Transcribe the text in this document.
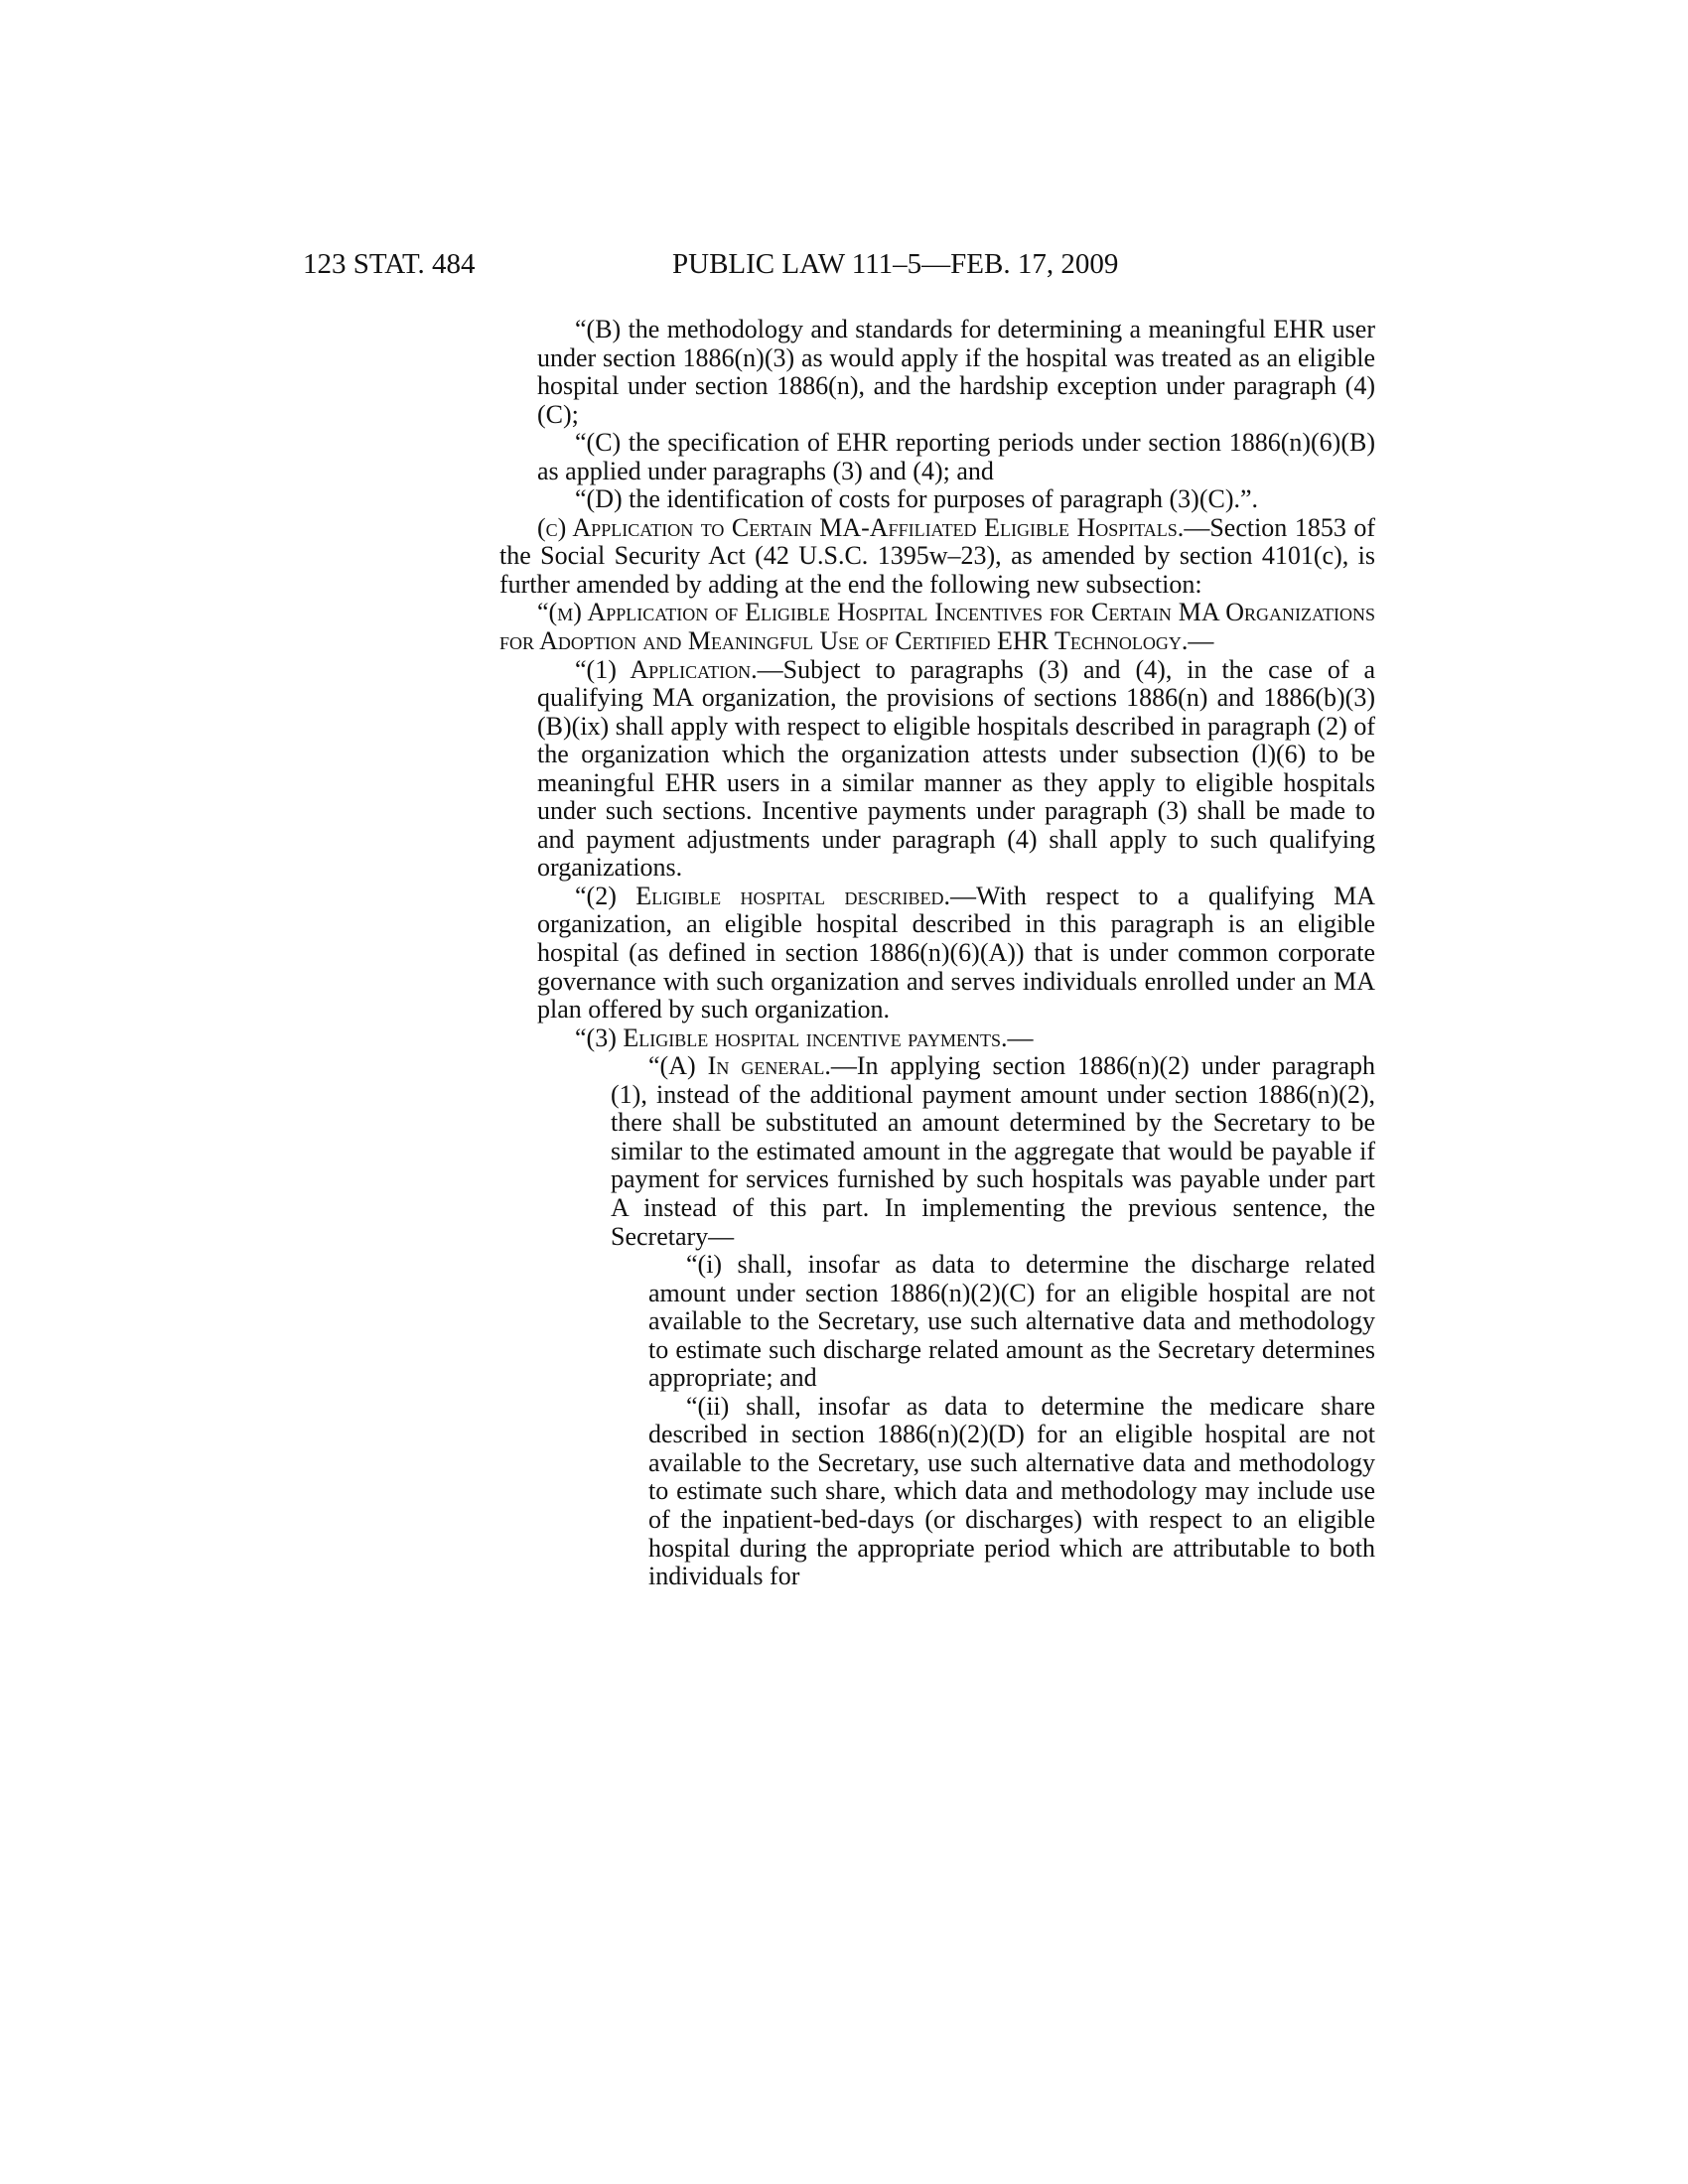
123 STAT. 484	PUBLIC LAW 111–5—FEB. 17, 2009

“(B) the methodology and standards for determining a meaningful EHR user under section 1886(n)(3) as would apply if the hospital was treated as an eligible hospital under section 1886(n), and the hardship exception under paragraph (4)(C);

“(C) the specification of EHR reporting periods under section 1886(n)(6)(B) as applied under paragraphs (3) and (4); and

“(D) the identification of costs for purposes of paragraph (3)(C).”.

(c) Application to Certain MA-Affiliated Eligible Hospitals.—Section 1853 of the Social Security Act (42 U.S.C. 1395w–23), as amended by section 4101(c), is further amended by adding at the end the following new subsection:

“(m) Application of Eligible Hospital Incentives for Certain MA Organizations for Adoption and Meaningful Use of Certified EHR Technology.—

“(1) Application.—Subject to paragraphs (3) and (4), in the case of a qualifying MA organization, the provisions of sections 1886(n) and 1886(b)(3)(B)(ix) shall apply with respect to eligible hospitals described in paragraph (2) of the organization which the organization attests under subsection (l)(6) to be meaningful EHR users in a similar manner as they apply to eligible hospitals under such sections. Incentive payments under paragraph (3) shall be made to and payment adjustments under paragraph (4) shall apply to such qualifying organizations.

“(2) Eligible hospital described.—With respect to a qualifying MA organization, an eligible hospital described in this paragraph is an eligible hospital (as defined in section 1886(n)(6)(A)) that is under common corporate governance with such organization and serves individuals enrolled under an MA plan offered by such organization.

“(3) Eligible hospital incentive payments.—

“(A) In general.—In applying section 1886(n)(2) under paragraph (1), instead of the additional payment amount under section 1886(n)(2), there shall be substituted an amount determined by the Secretary to be similar to the estimated amount in the aggregate that would be payable if payment for services furnished by such hospitals was payable under part A instead of this part. In implementing the previous sentence, the Secretary—

“(i) shall, insofar as data to determine the discharge related amount under section 1886(n)(2)(C) for an eligible hospital are not available to the Secretary, use such alternative data and methodology to estimate such discharge related amount as the Secretary determines appropriate; and

“(ii) shall, insofar as data to determine the medicare share described in section 1886(n)(2)(D) for an eligible hospital are not available to the Secretary, use such alternative data and methodology to estimate such share, which data and methodology may include use of the inpatient-bed-days (or discharges) with respect to an eligible hospital during the appropriate period which are attributable to both individuals for
